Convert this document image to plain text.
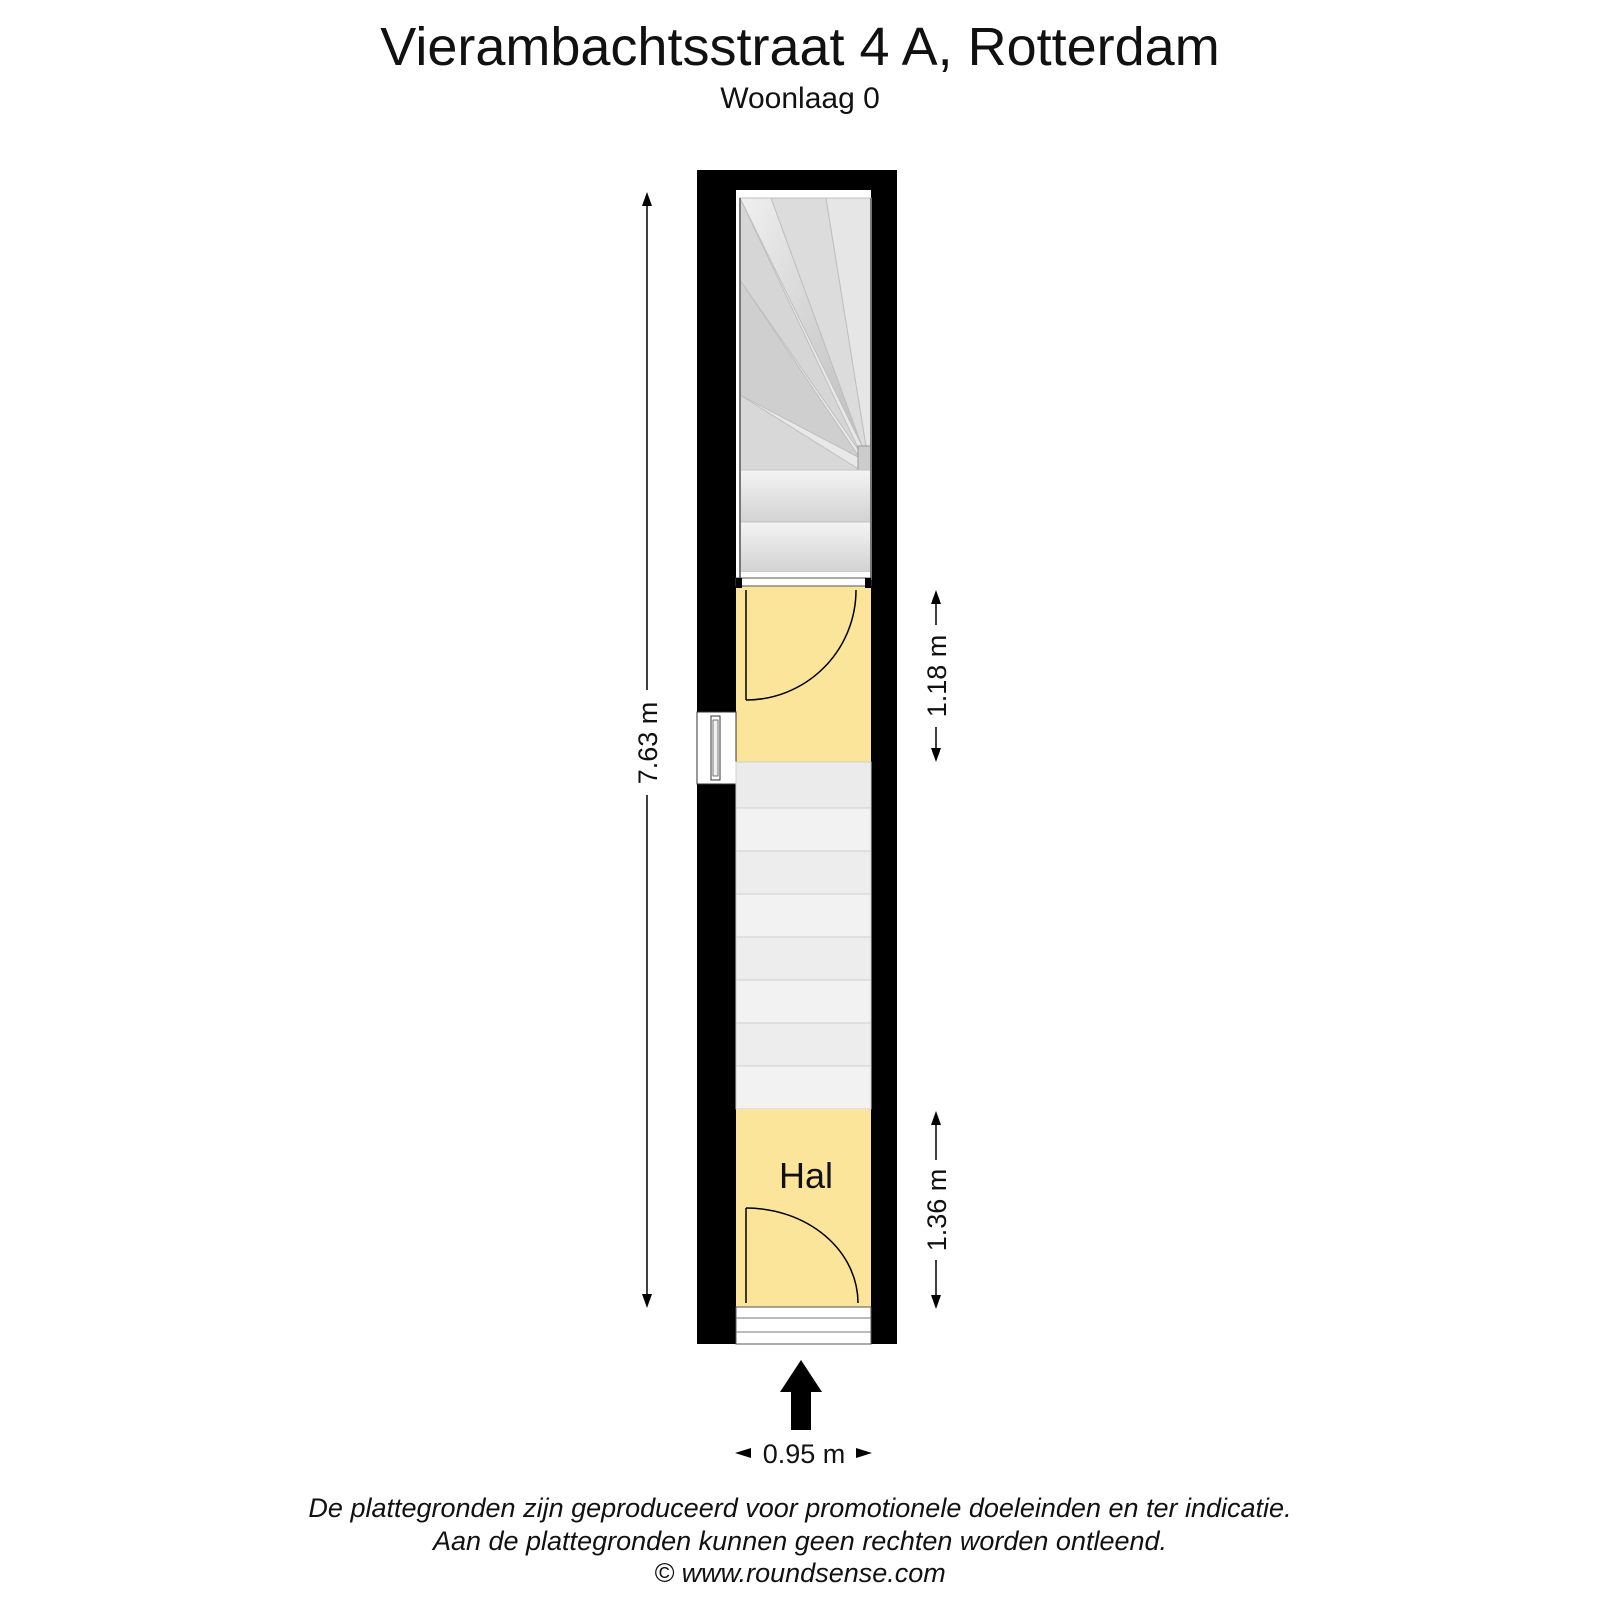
Vierambachtsstraat 4 A, Rotterdam
Woonlaag 0
Hal
7.63 m
1.18 m
1.36 m
0.95 m
De plattegronden zijn geproduceerd voor promotionele doeleinden en ter indicatie.
Aan de plattegronden kunnen geen rechten worden ontleend.
© www.roundsense.com
